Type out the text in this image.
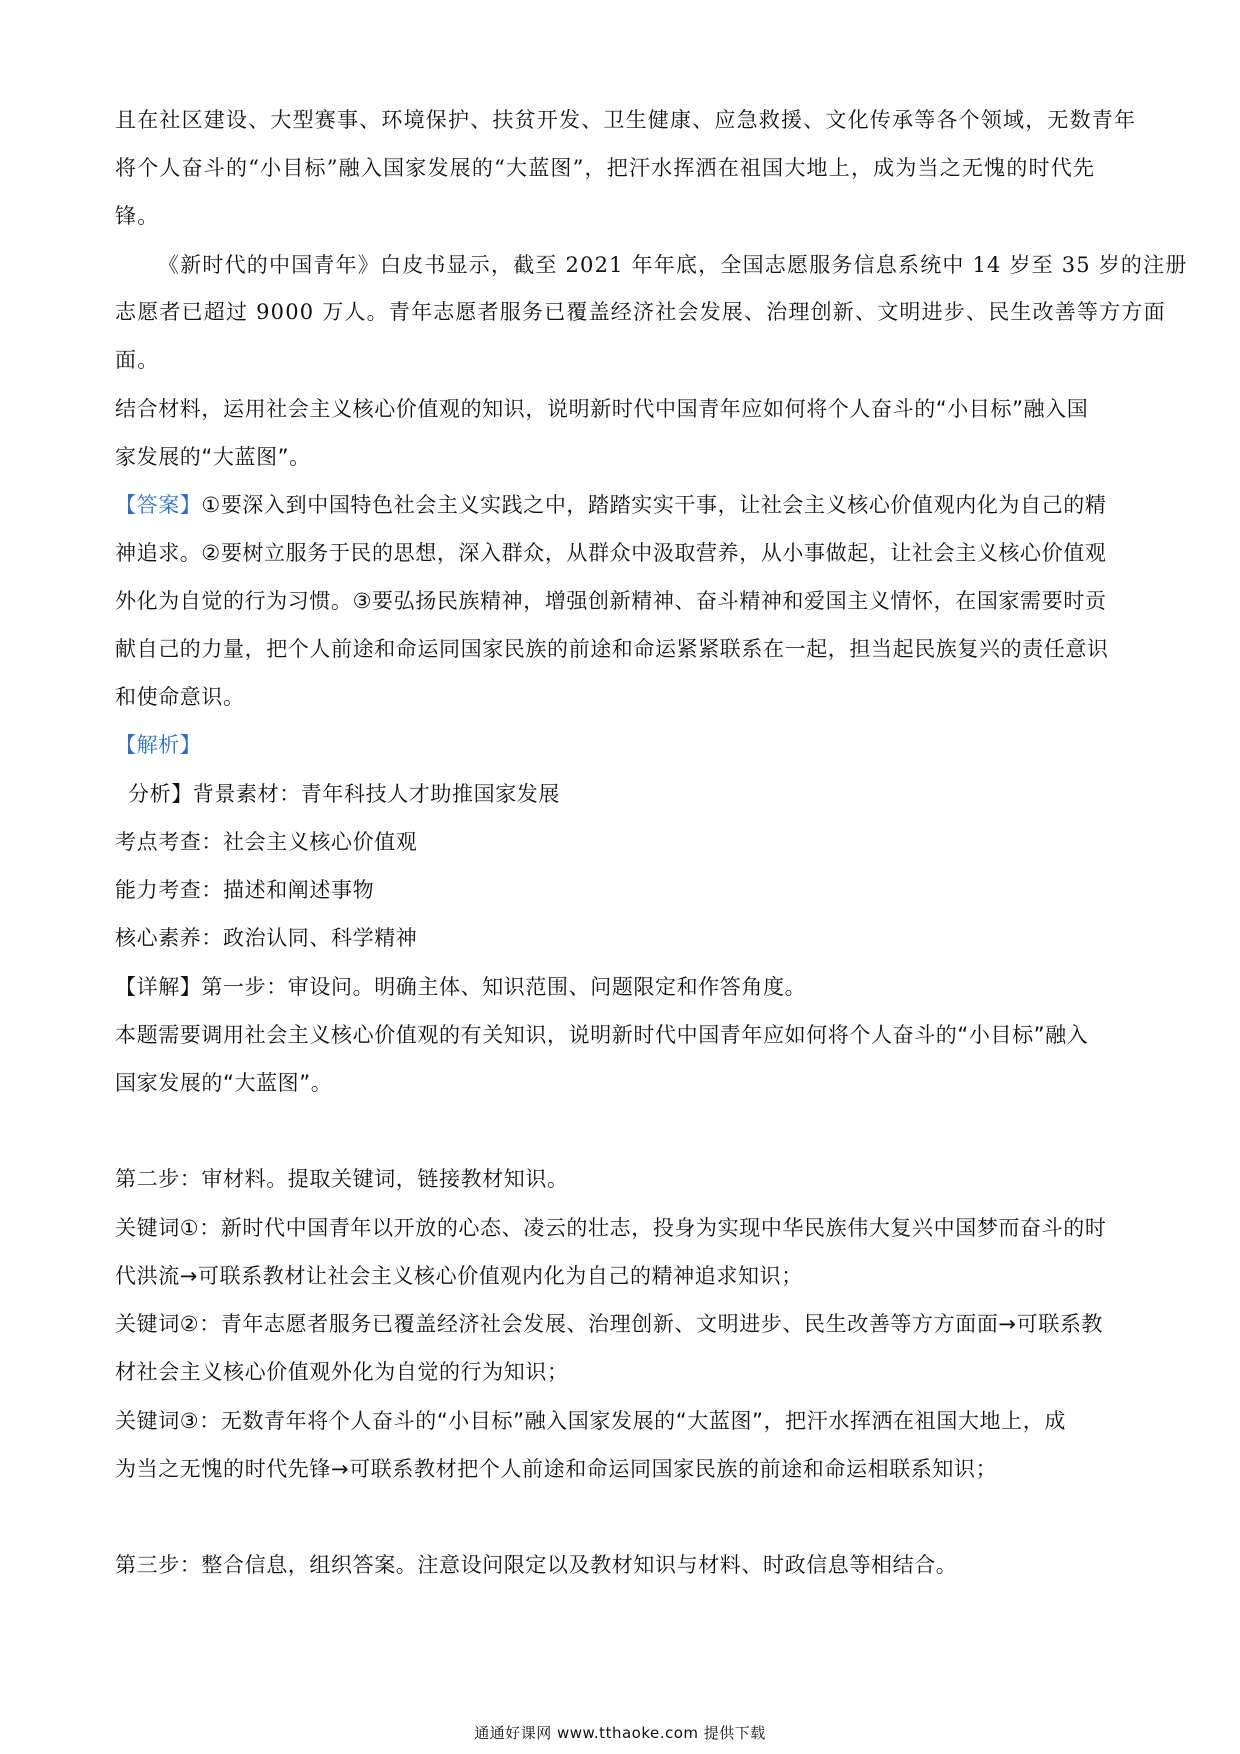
且在社区建设、大型赛事、环境保护、扶贫开发、卫生健康、应急救援、文化传承等各个领域，无数青年
将个人奋斗的“小目标”融入国家发展的“大蓝图”，把汗水挥洒在祖国大地上，成为当之无愧的时代先
锋。
《新时代的中国青年》白皮书显示，截至 2021 年年底，全国志愿服务信息系统中 14 岁至 35 岁的注册
志愿者已超过 9000 万人。青年志愿者服务已覆盖经济社会发展、治理创新、文明进步、民生改善等方方面
面。
结合材料，运用社会主义核心价值观的知识，说明新时代中国青年应如何将个人奋斗的“小目标”融入国
家发展的“大蓝图”。
【答案】①要深入到中国特色社会主义实践之中，踏踏实实干事，让社会主义核心价值观内化为自己的精
神追求。②要树立服务于民的思想，深入群众，从群众中汲取营养，从小事做起，让社会主义核心价值观
外化为自觉的行为习惯。③要弘扬民族精神，增强创新精神、奋斗精神和爱国主义情怀，在国家需要时贡
献自己的力量，把个人前途和命运同国家民族的前途和命运紧紧联系在一起，担当起民族复兴的责任意识
和使命意识。
【解析】
分析】背景素材：青年科技人才助推国家发展
考点考查：社会主义核心价值观
能力考查：描述和阐述事物
核心素养：政治认同、科学精神
【详解】第一步：审设问。明确主体、知识范围、问题限定和作答角度。
本题需要调用社会主义核心价值观的有关知识，说明新时代中国青年应如何将个人奋斗的“小目标”融入
国家发展的“大蓝图”。
第二步：审材料。提取关键词，链接教材知识。
关键词①：新时代中国青年以开放的心态、凌云的壮志，投身为实现中华民族伟大复兴中国梦而奋斗的时
代洪流→可联系教材让社会主义核心价值观内化为自己的精神追求知识；
关键词②：青年志愿者服务已覆盖经济社会发展、治理创新、文明进步、民生改善等方方面面→可联系教
材社会主义核心价值观外化为自觉的行为知识；
关键词③：无数青年将个人奋斗的“小目标”融入国家发展的“大蓝图”，把汗水挥洒在祖国大地上，成
为当之无愧的时代先锋→可联系教材把个人前途和命运同国家民族的前途和命运相联系知识；
第三步：整合信息，组织答案。注意设问限定以及教材知识与材料、时政信息等相结合。
通通好课网 www.tthaoke.com 提供下载
